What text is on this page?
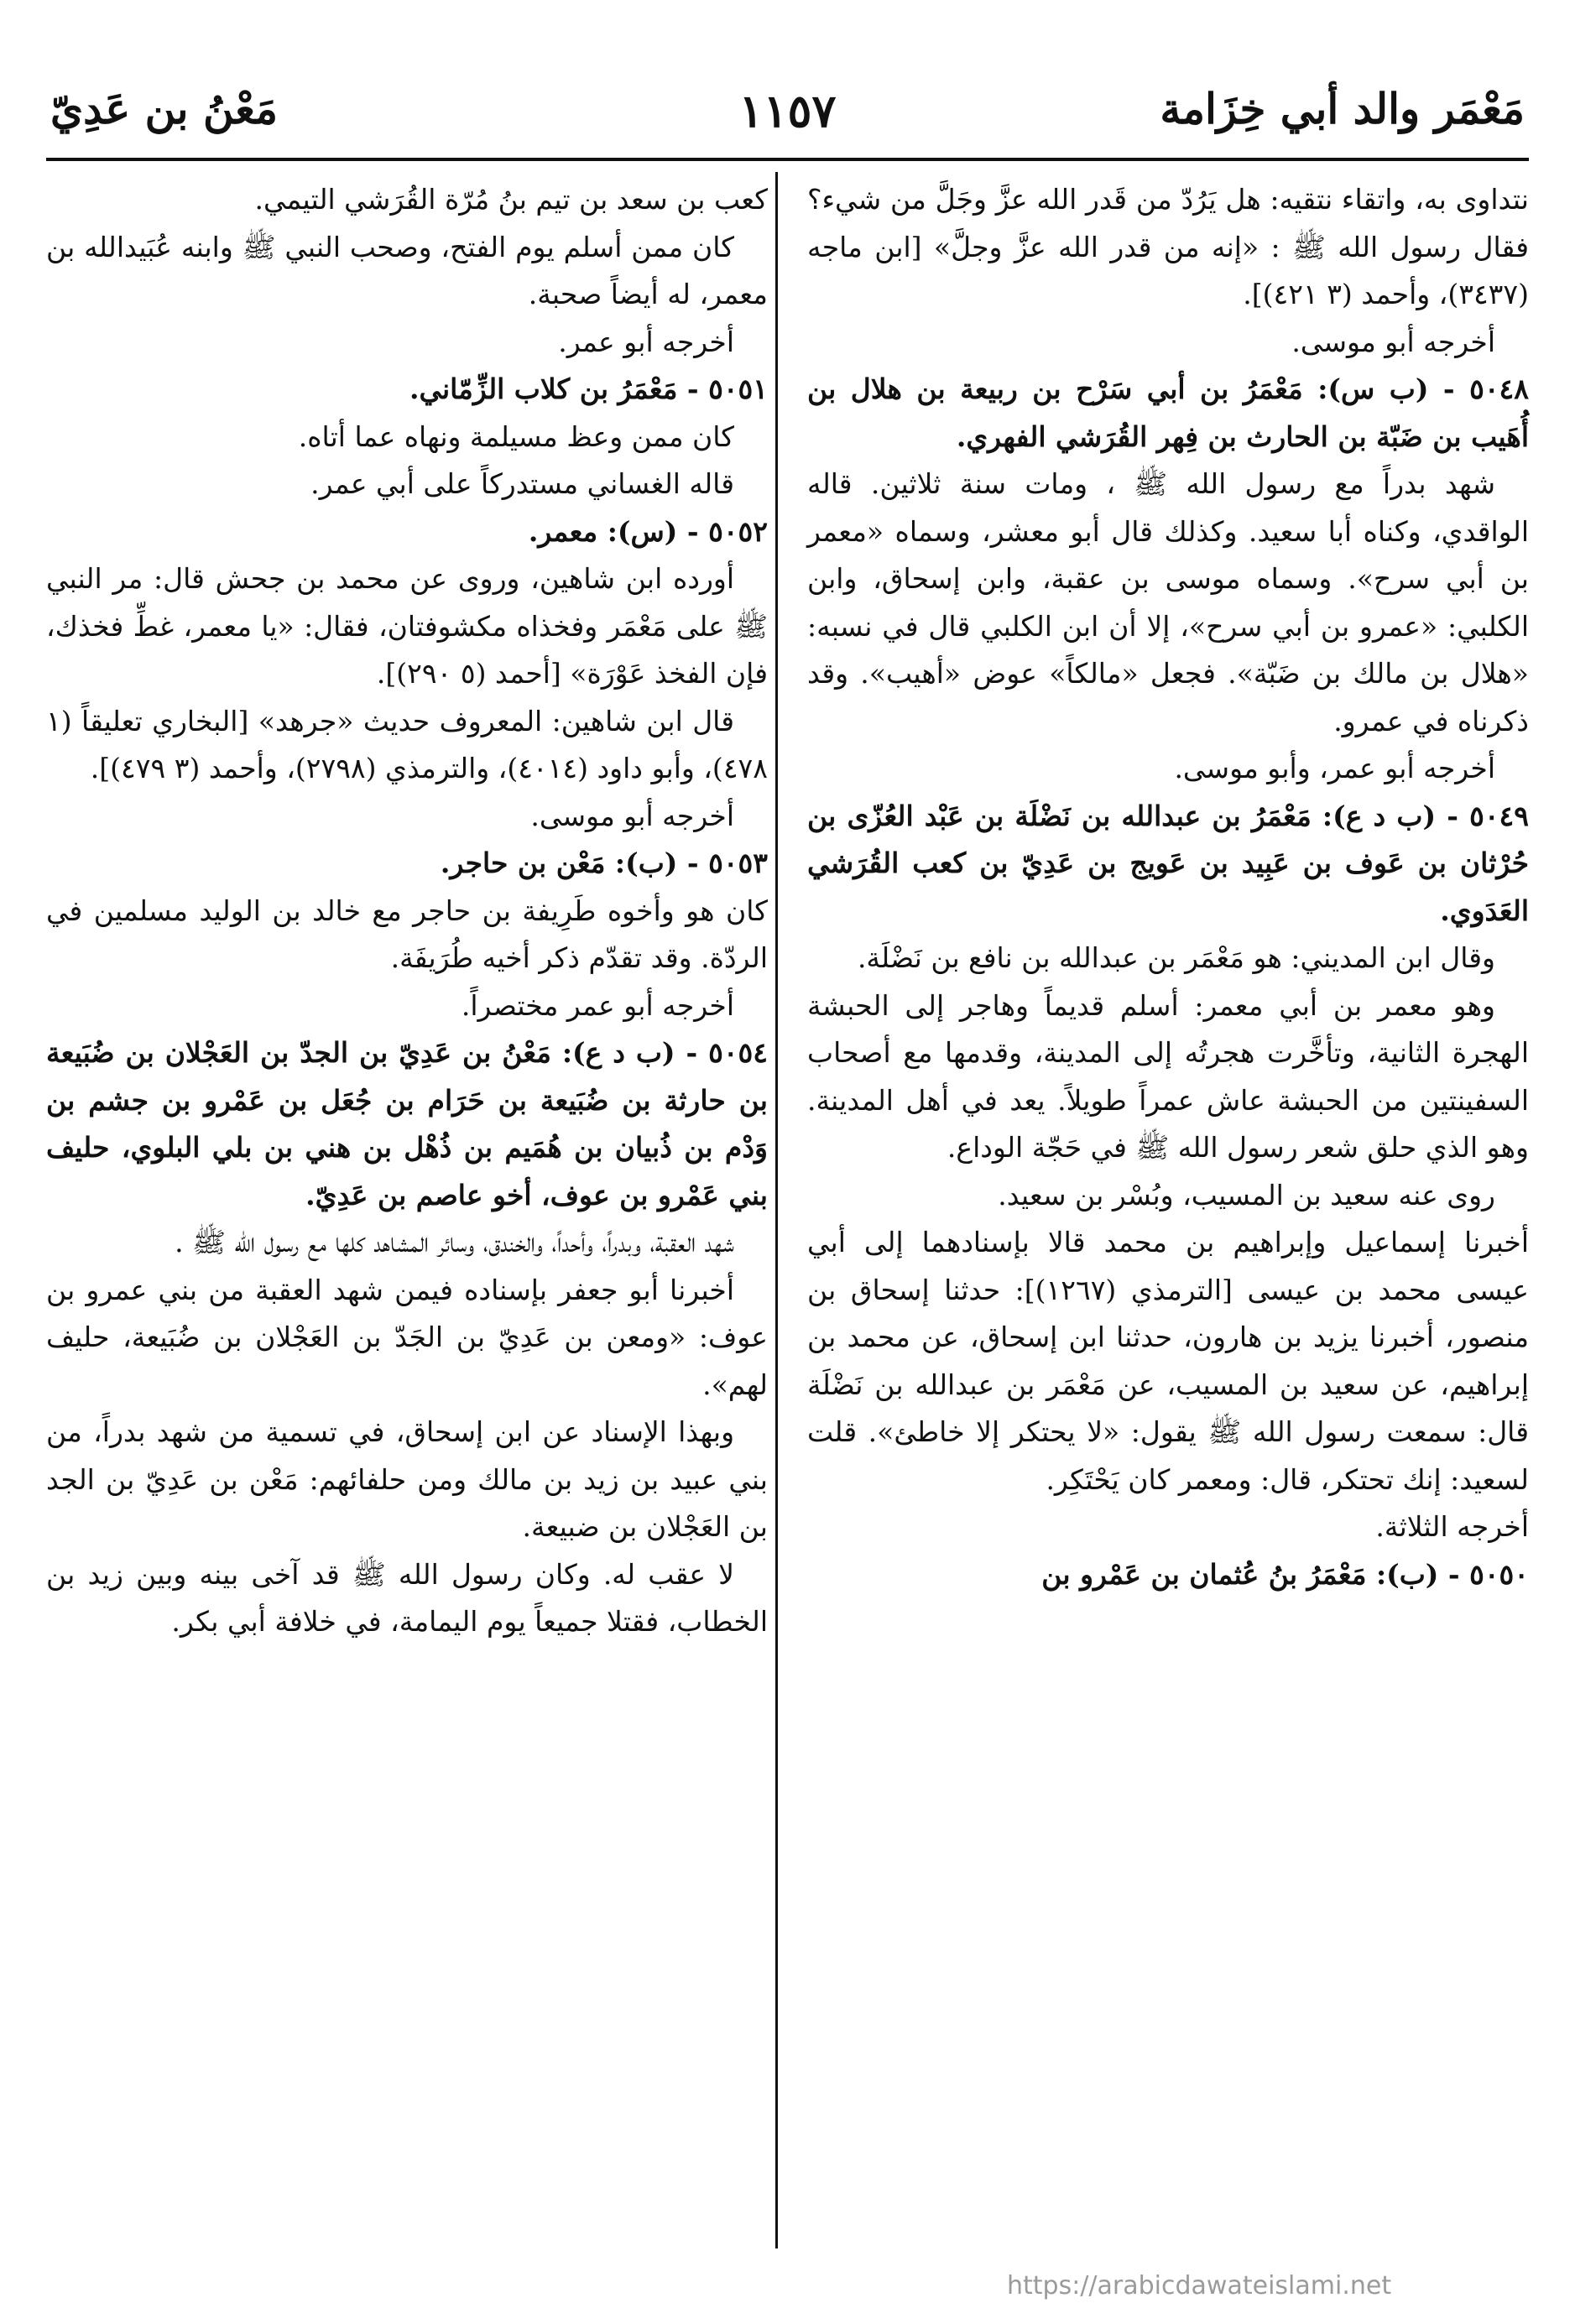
مَعْمَر والد أبي خِزَامة
١١٥٧
مَعْنُ بن عَدِيّ

نتداوى به، واتقاء نتقيه: هل يَرُدّ من قَدر الله عزَّ وجَلَّ من شيء؟ فقال رسول الله ﷺ : «إنه من قدر الله عزَّ وجلَّ» [ابن ماجه (٣٤٣٧)، وأحمد (٣ ٤٢١)].

أخرجه أبو موسى.

٥٠٤٨ - (ب س): مَعْمَرُ بن أبي سَرْح بن ربيعة بن هلال بن أُهَيب بن ضَبّة بن الحارث بن فِهر القُرَشي الفهري.

شهد بدراً مع رسول الله ﷺ ، ومات سنة ثلاثين. قاله الواقدي، وكناه أبا سعيد. وكذلك قال أبو معشر، وسماه «معمر بن أبي سرح». وسماه موسى بن عقبة، وابن إسحاق، وابن الكلبي: «عمرو بن أبي سرح»، إلا أن ابن الكلبي قال في نسبه: «هلال بن مالك بن ضَبّة». فجعل «مالكاً» عوض «أهيب». وقد ذكرناه في عمرو.

أخرجه أبو عمر، وأبو موسى.

٥٠٤٩ - (ب د ع): مَعْمَرُ بن عبدالله بن نَضْلَة بن عَبْد العُزّى بن حُرْثان بن عَوف بن عَبِيد بن عَويج بن عَدِيّ بن كعب القُرَشي العَدَوي.

وقال ابن المديني: هو مَعْمَر بن عبدالله بن نافع بن نَضْلَة.

وهو معمر بن أبي معمر: أسلم قديماً وهاجر إلى الحبشة الهجرة الثانية، وتأخَّرت هجرتُه إلى المدينة، وقدمها مع أصحاب السفينتين من الحبشة عاش عمراً طويلاً. يعد في أهل المدينة. وهو الذي حلق شعر رسول الله ﷺ في حَجّة الوداع.

روى عنه سعيد بن المسيب، وبُسْر بن سعيد.

أخبرنا إسماعيل وإبراهيم بن محمد قالا بإسنادهما إلى أبي عيسى محمد بن عيسى [الترمذي (١٢٦٧)]: حدثنا إسحاق بن منصور، أخبرنا يزيد بن هارون، حدثنا ابن إسحاق، عن محمد بن إبراهيم، عن سعيد بن المسيب، عن مَعْمَر بن عبدالله بن نَضْلَة قال: سمعت رسول الله ﷺ يقول: «لا يحتكر إلا خاطئ». قلت لسعيد: إنك تحتكر، قال: ومعمر كان يَحْتَكِر.

أخرجه الثلاثة.

٥٠٥٠ - (ب): مَعْمَرُ بنُ عُثمان بن عَمْرو بن

كعب بن سعد بن تيم بنُ مُرّة القُرَشي التيمي.

كان ممن أسلم يوم الفتح، وصحب النبي ﷺ وابنه عُبَيدالله بن معمر، له أيضاً صحبة.

أخرجه أبو عمر.

٥٠٥١ - مَعْمَرُ بن كلاب الزِّمّاني.

كان ممن وعظ مسيلمة ونهاه عما أتاه.

قاله الغساني مستدركاً على أبي عمر.

٥٠٥٢ - (س): معمر.

أورده ابن شاهين، وروى عن محمد بن جحش قال: مر النبي ﷺ على مَعْمَر وفخذاه مكشوفتان، فقال: «يا معمر، غطِّ فخذك، فإن الفخذ عَوْرَة» [أحمد (٥ ٢٩٠)].

قال ابن شاهين: المعروف حديث «جرهد» [البخاري تعليقاً (١ ٤٧٨)، وأبو داود (٤٠١٤)، والترمذي (٢٧٩٨)، وأحمد (٣ ٤٧٩)].

أخرجه أبو موسى.

٥٠٥٣ - (ب): مَعْن بن حاجر.

كان هو وأخوه طَرِيفة بن حاجر مع خالد بن الوليد مسلمين في الردّة. وقد تقدّم ذكر أخيه طُرَيفَة.

أخرجه أبو عمر مختصراً.

٥٠٥٤ - (ب د ع): مَعْنُ بن عَدِيّ بن الجدّ بن العَجْلان بن ضُبَيعة بن حارثة بن ضُبَيعة بن حَرَام بن جُعَل بن عَمْرو بن جشم بن وَدْم بن ذُبيان بن هُمَيم بن ذُهْل بن هني بن بلي البلوي، حليف بني عَمْرو بن عوف، أخو عاصم بن عَدِيّ.

شهد العقبة، وبدراً، وأحداً، والخندق، وسائر المشاهد كلها مع رسول الله ﷺ .

أخبرنا أبو جعفر بإسناده فيمن شهد العقبة من بني عمرو بن عوف: «ومعن بن عَدِيّ بن الجَدّ بن العَجْلان بن ضُبَيعة، حليف لهم».

وبهذا الإسناد عن ابن إسحاق، في تسمية من شهد بدراً، من بني عبيد بن زيد بن مالك ومن حلفائهم: مَعْن بن عَدِيّ بن الجد بن العَجْلان بن ضبيعة.

لا عقب له. وكان رسول الله ﷺ قد آخى بينه وبين زيد بن الخطاب، فقتلا جميعاً يوم اليمامة، في خلافة أبي بكر.

https://arabicdawateislami.net
